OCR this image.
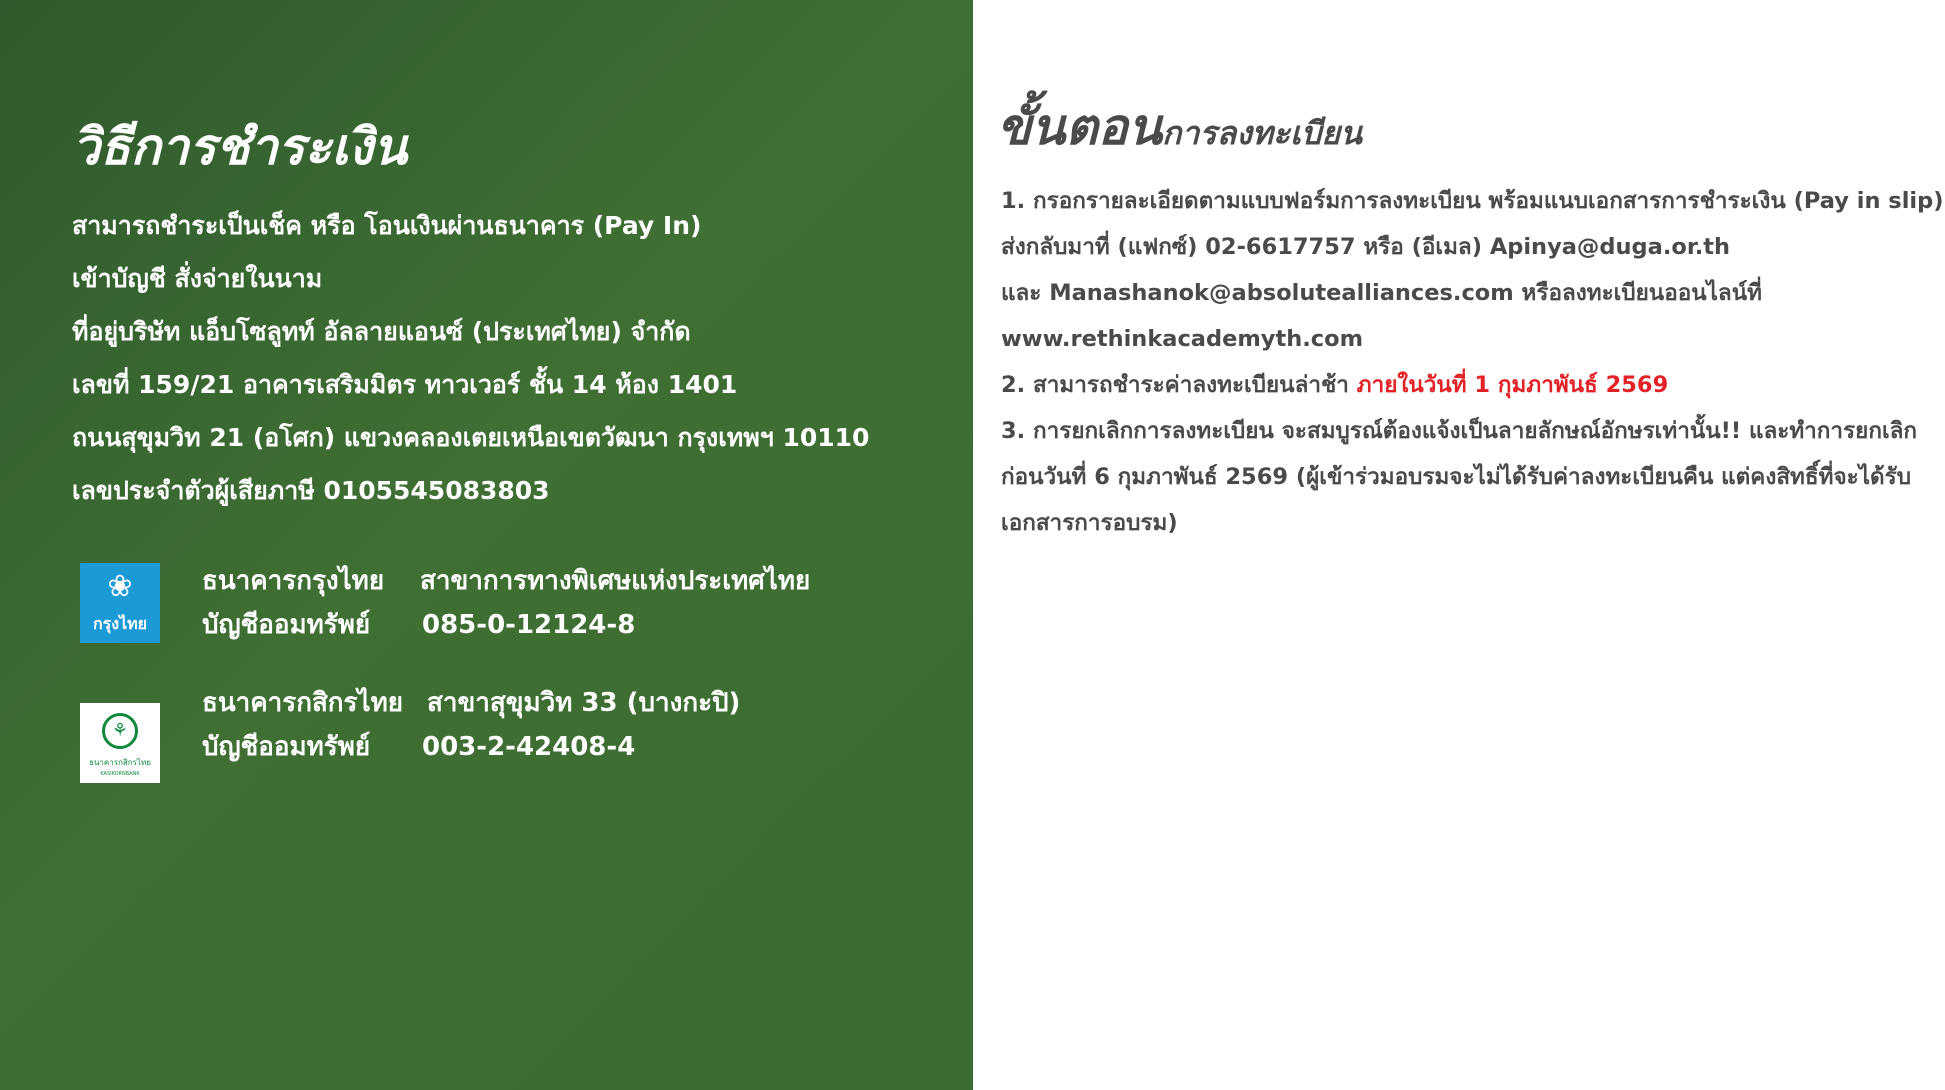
วิธีการชำระเงิน
สามารถชำระเป็นเช็ค หรือ โอนเงินผ่านธนาคาร (Pay In)
เข้าบัญชี สั่งจ่ายในนาม
ที่อยู่บริษัท แอ็บโซลูทท์ อัลลายแอนซ์ (ประเทศไทย) จำกัด
เลขที่ 159/21 อาคารเสริมมิตร ทาวเวอร์ ชั้น 14 ห้อง 1401
ถนนสุขุมวิท 21 (อโศก) แขวงคลองเตยเหนือเขตวัฒนา กรุงเทพฯ 10110
เลขประจำตัวผู้เสียภาษี 0105545083803
❀
กรุงไทย
ธนาคารกรุงไทย สาขาการทางพิเศษแห่งประเทศไทย
บัญชีออมทรัพย์ 085-0-12124-8
⚘
ธนาคารกสิกรไทย
KASIKORNBANK
ธนาคารกสิกรไทย สาขาสุขุมวิท 33 (บางกะปิ)
บัญชีออมทรัพย์ 003-2-42408-4
ขั้นตอนการลงทะเบียน
1. กรอกรายละเอียดตามแบบฟอร์มการลงทะเบียน พร้อมแนบเอกสารการชำระเงิน (Pay in slip)
ส่งกลับมาที่ (แฟกซ์) 02-6617757 หรือ (อีเมล) Apinya@duga.or.th
และ Manashanok@absolutealliances.com หรือลงทะเบียนออนไลน์ที่
www.rethinkacademyth.com
2. สามารถชำระค่าลงทะเบียนล่าช้า ภายในวันที่ 1 กุมภาพันธ์ 2569
3. การยกเลิกการลงทะเบียน จะสมบูรณ์ต้องแจ้งเป็นลายลักษณ์อักษรเท่านั้น!! และทำการยกเลิก
ก่อนวันที่ 6 กุมภาพันธ์ 2569 (ผู้เข้าร่วมอบรมจะไม่ได้รับค่าลงทะเบียนคืน แต่คงสิทธิ์ที่จะได้รับ
เอกสารการอบรม)
